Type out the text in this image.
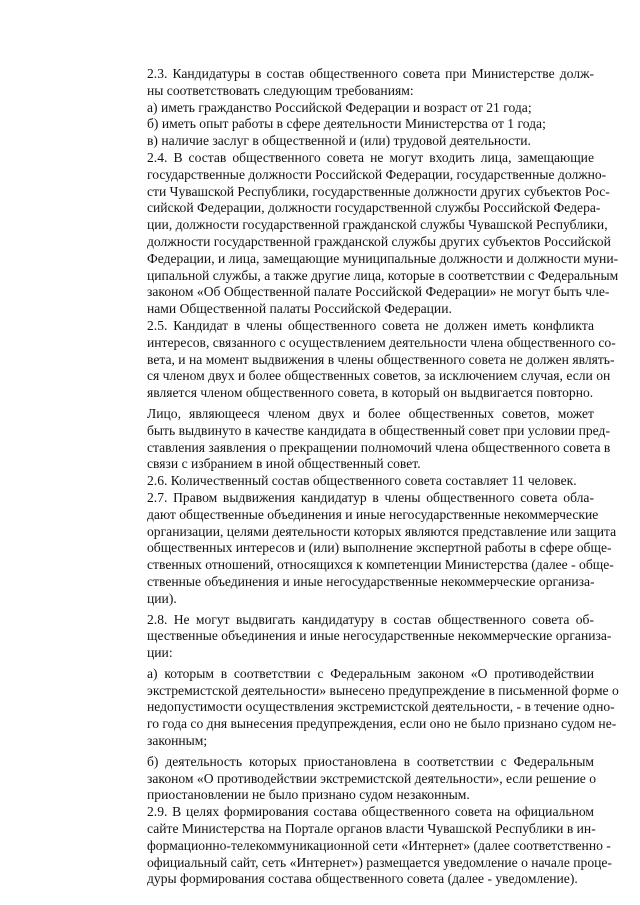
2.3. Кандидатуры в состав общественного совета при Министерстве долж-
ны соответствовать следующим требованиям:

а) иметь гражданство Российской Федерации и возраст от 21 года;

б) иметь опыт работы в сфере деятельности Министерства от 1 года;

в) наличие заслуг в общественной и (или) трудовой деятельности.

2.4. В состав общественного совета не могут входить лица, замещающие
государственные должности Российской Федерации, государственные должно-
сти Чувашской Республики, государственные должности других субъектов Рос-
сийской Федерации, должности государственной службы Российской Федера-
ции, должности государственной гражданской службы Чувашской Республики,
должности государственной гражданской службы других субъектов Российской
Федерации, и лица, замещающие муниципальные должности и должности муни-
ципальной службы, а также другие лица, которые в соответствии с Федеральным
законом «Об Общественной палате Российской Федерации» не могут быть чле-
нами Общественной палаты Российской Федерации.

2.5. Кандидат в члены общественного совета не должен иметь конфликта
интересов, связанного с осуществлением деятельности члена общественного со-
вета, и на момент выдвижения в члены общественного совета не должен являть-
ся членом двух и более общественных советов, за исключением случая, если он
является членом общественного совета, в который он выдвигается повторно.

Лицо, являющееся членом двух и более общественных советов, может
быть выдвинуто в качестве кандидата в общественный совет при условии пред-
ставления заявления о прекращении полномочий члена общественного совета в
связи с избранием в иной общественный совет.

2.6. Количественный состав общественного совета составляет 11 человек.

2.7. Правом выдвижения кандидатур в члены общественного совета обла-
дают общественные объединения и иные негосударственные некоммерческие
организации, целями деятельности которых являются представление или защита
общественных интересов и (или) выполнение экспертной работы в сфере обще-
ственных отношений, относящихся к компетенции Министерства (далее - обще-
ственные объединения и иные негосударственные некоммерческие организа-
ции).

2.8. Не могут выдвигать кандидатуру в состав общественного совета об-
щественные объединения и иные негосударственные некоммерческие организа-
ции:

а) которым в соответствии с Федеральным законом «О противодействии
экстремистской деятельности» вынесено предупреждение в письменной форме о
недопустимости осуществления экстремистской деятельности, - в течение одно-
го года со дня вынесения предупреждения, если оно не было признано судом не-
законным;

б) деятельность которых приостановлена в соответствии с Федеральным
законом «О противодействии экстремистской деятельности», если решение о
приостановлении не было признано судом незаконным.

2.9. В целях формирования состава общественного совета на официальном
сайте Министерства на Портале органов власти Чувашской Республики в ин-
формационно-телекоммуникационной сети «Интернет» (далее соответственно -
официальный сайт, сеть «Интернет») размещается уведомление о начале проце-
дуры формирования состава общественного совета (далее - уведомление).
